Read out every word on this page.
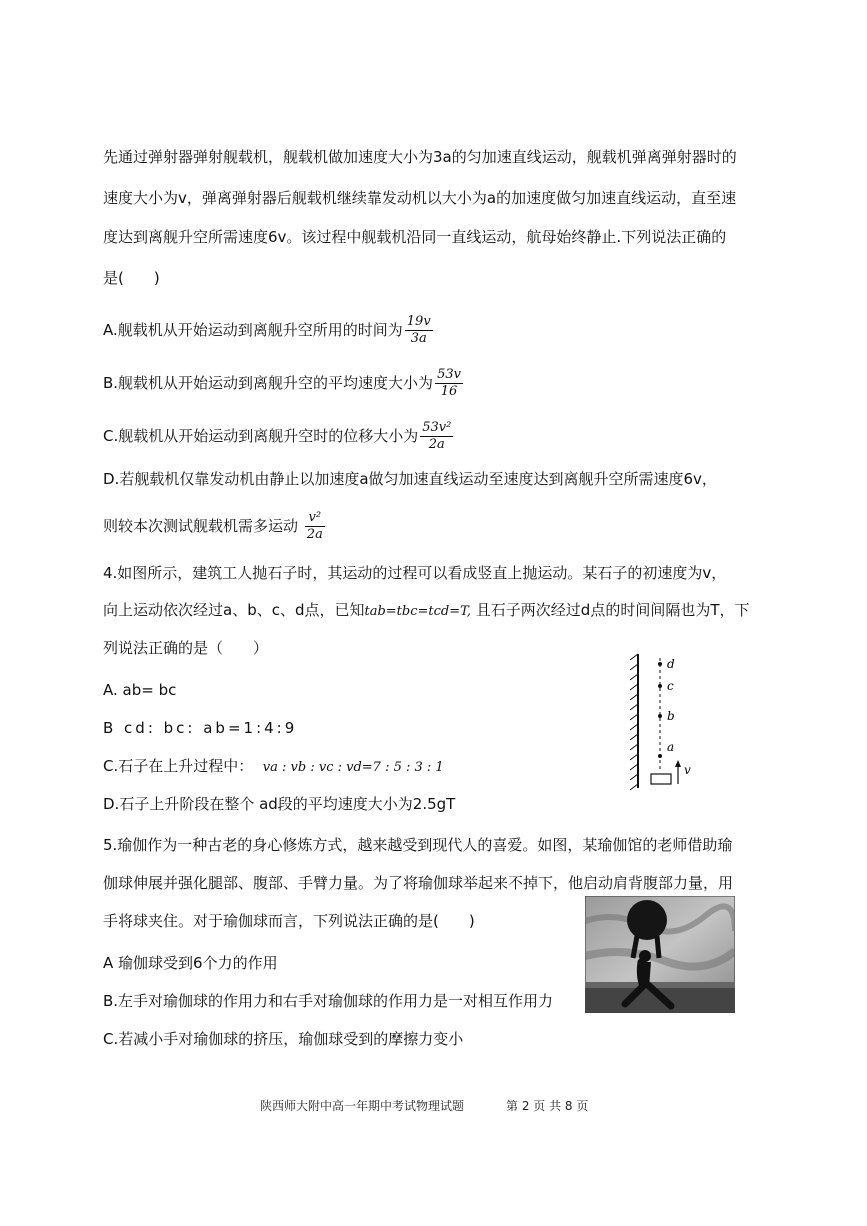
先通过弹射器弹射舰载机，舰载机做加速度大小为3a的匀加速直线运动，舰载机弹离弹射器时的
速度大小为v，弹离弹射器后舰载机继续靠发动机以大小为a的加速度做匀加速直线运动，直至速
度达到离舰升空所需速度6v。该过程中舰载机沿同一直线运动，航母始终静止.下列说法正确的
是(　　)
A.舰载机从开始运动到离舰升空所用的时间为 $\frac{19v}{3a}$
B.舰载机从开始运动到离舰升空的平均速度大小为 $\frac{53v}{16}$
C.舰载机从开始运动到离舰升空时的位移大小为 $\frac{\text{53v²}}{2a}$
D.若舰载机仅靠发动机由静止以加速度a做匀加速直线运动至速度达到离舰升空所需速度6v，
则较本次测试舰载机需多运动 $\frac{\text{v²}}{2a}$
4.如图所示，建筑工人抛石子时，其运动的过程可以看成竖直上抛运动。某石子的初速度为v，
向上运动依次经过a、b、c、d点，已知tab=tbc=tcd=T, 且石子两次经过d点的时间间隔也为T，下
列说法正确的是（　　）
A. ab= bc
B cd: bc: ab=1:4:9
C.石子在上升过程中： va : vb : vc : vd=7 : 5 : 3 : 1
D.石子上升阶段在整个 ad段的平均速度大小为2.5gT
d
c
b
a
v
5.瑜伽作为一种古老的身心修炼方式，越来越受到现代人的喜爱。如图，某瑜伽馆的老师借助瑜
伽球伸展并强化腿部、腹部、手臂力量。为了将瑜伽球举起来不掉下，他启动肩背腹部力量，用
手将球夹住。对于瑜伽球而言，下列说法正确的是(　　)
A 瑜伽球受到6个力的作用
B.左手对瑜伽球的作用力和右手对瑜伽球的作用力是一对相互作用力
C.若减小手对瑜伽球的挤压，瑜伽球受到的摩擦力变小
陕西师大附中高一年期中考试物理试题	第 2 页 共 8 页
